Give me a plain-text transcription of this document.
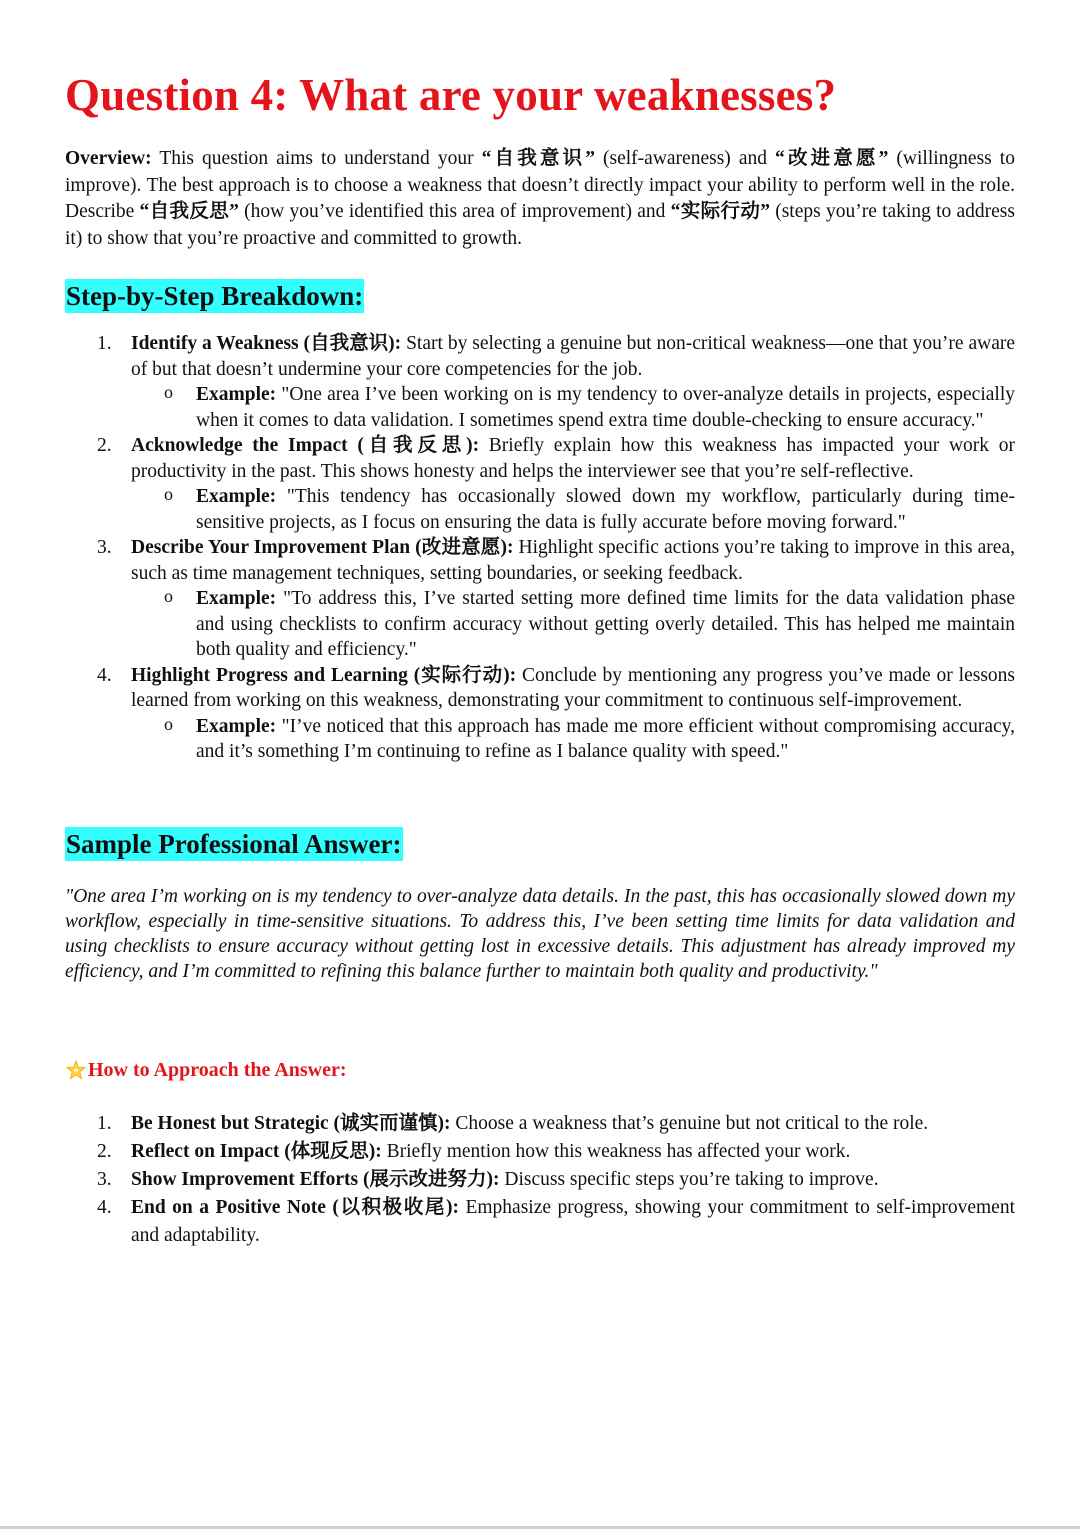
Question 4: What are your weaknesses?

Overview: This question aims to understand your “自我意识” (self-awareness) and “改进意愿” (willingness to improve). The best approach is to choose a weakness that doesn’t directly impact your ability to perform well in the role. Describe “自我反思” (how you’ve identified this area of improvement) and “实际行动” (steps you’re taking to address it) to show that you’re proactive and committed to growth.

Step-by-Step Breakdown:
1. Identify a Weakness (自我意识): Start by selecting a genuine but non-critical weakness—one that you’re aware of but that doesn’t undermine your core competencies for the job.
o Example: "One area I’ve been working on is my tendency to over-analyze details in projects, especially when it comes to data validation. I sometimes spend extra time double-checking to ensure accuracy."
2. Acknowledge the Impact (自我反思): Briefly explain how this weakness has impacted your work or productivity in the past. This shows honesty and helps the interviewer see that you’re self-reflective.
o Example: "This tendency has occasionally slowed down my workflow, particularly during time-sensitive projects, as I focus on ensuring the data is fully accurate before moving forward."
3. Describe Your Improvement Plan (改进意愿): Highlight specific actions you’re taking to improve in this area, such as time management techniques, setting boundaries, or seeking feedback.
o Example: "To address this, I’ve started setting more defined time limits for the data validation phase and using checklists to confirm accuracy without getting overly detailed. This has helped me maintain both quality and efficiency."
4. Highlight Progress and Learning (实际行动): Conclude by mentioning any progress you’ve made or lessons learned from working on this weakness, demonstrating your commitment to continuous self-improvement.
o Example: "I’ve noticed that this approach has made me more efficient without compromising accuracy, and it’s something I’m continuing to refine as I balance quality with speed."
Sample Professional Answer:

"One area I’m working on is my tendency to over-analyze data details. In the past, this has occasionally slowed down my workflow, especially in time-sensitive situations. To address this, I’ve been setting time limits for data validation and using checklists to ensure accuracy without getting lost in excessive details. This adjustment has already improved my efficiency, and I’m committed to refining this balance further to maintain both quality and productivity."

How to Approach the Answer:
1. Be Honest but Strategic (诚实而谨慎): Choose a weakness that’s genuine but not critical to the role.
2. Reflect on Impact (体现反思): Briefly mention how this weakness has affected your work.
3. Show Improvement Efforts (展示改进努力): Discuss specific steps you’re taking to improve.
4. End on a Positive Note (以积极收尾): Emphasize progress, showing your commitment to self-improvement and adaptability.
